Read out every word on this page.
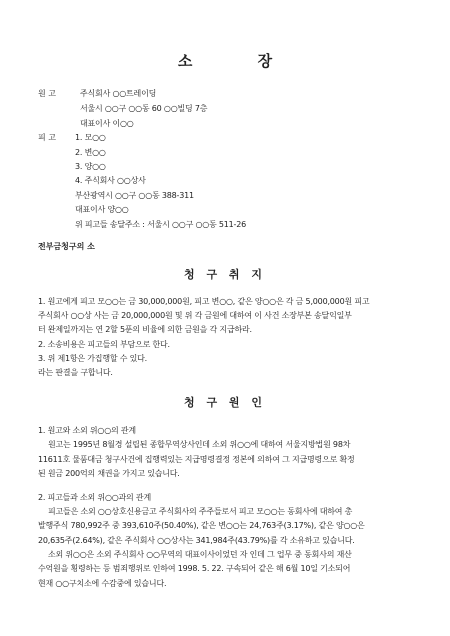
소 장
원 고	주식회사 ○○트레이딩
서울시 ○○구 ○○동 60 ○○빌딩 7층
대표이사 이○○
피 고 1. 모○○
2. 변○○
3. 양○○
4. 주식회사 ○○상사
부산광역시 ○○구 ○○동 388-311
대표이사 양○○
위 피고들 송달주소 : 서울시 ○○구 ○○동 511-26
전부금청구의 소
청 구 취 지
1. 원고에게 피고 모○○는 금 30,000,000원, 피고 변○○, 같은 양○○은 각 금 5,000,000원 피고
주식회사 ○○상 사는 금 20,000,000원 및 위 각 금원에 대하여 이 사건 소장부본 송달익일부
터 완제일까지는 연 2할 5푼의 비율에 의한 금원을 각 지급하라.
2. 소송비용은 피고들의 부담으로 한다.
3. 위 제1항은 가집행할 수 있다.
라는 판결을 구합니다.
청 구 원 인
1. 원고와 소외 위○○의 관계
원고는 1995년 8월경 설립된 종합무역상사인데 소외 위○○에 대하여 서울지방법원 98차
11611호 물품대금 청구사건에 집행력있는 지급명령결정 정본에 의하여 그 지급명령으로 확정
된 원금 200억의 채권을 가지고 있습니다.
2. 피고들과 소외 위○○과의 관계
피고들은 소외 ○○상호신용금고 주식회사의 주주들로서 피고 모○○는 동회사에 대하여 총
발행주식 780,992주 중 393,610주(50.40%), 같은 변○○는 24,763주(3.17%), 같은 양○○은
20,635주(2.64%), 같은 주식회사 ○○상사는 341,984주(43.79%)를 각 소유하고 있습니다.
소외 위○○은 소외 주식회사 ○○무역의 대표이사이었던 자 인데 그 업무 중 동회사의 재산
수억원을 횡령하는 등 범죄행위로 인하여 1998. 5. 22. 구속되어 같은 해 6월 10일 기소되어
현재 ○○구치소에 수감중에 있습니다.
